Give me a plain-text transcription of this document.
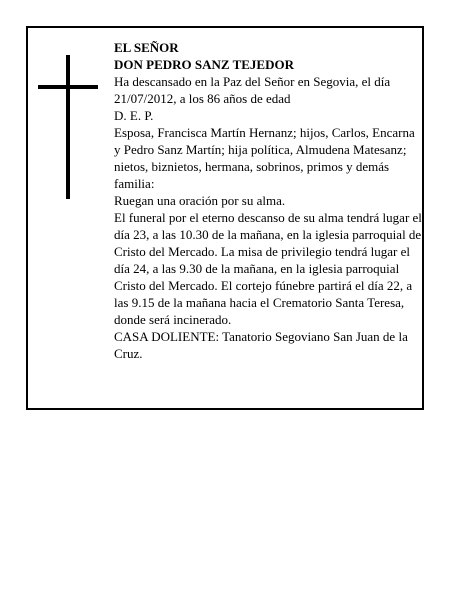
EL SEÑOR

DON PEDRO SANZ TEJEDOR

Ha descansado en la Paz del Señor en Segovia, el día 21/07/2012, a los 86 años de edad

D. E. P.

Esposa, Francisca Martín Hernanz; hijos, Carlos, Encarna y Pedro Sanz Martín; hija política, Almudena Matesanz; nietos, biznietos, hermana, sobrinos, primos y demás familia:

Ruegan una oración por su alma.

El funeral por el eterno descanso de su alma tendrá lugar el día 23, a las 10.30 de la mañana, en la iglesia parroquial de Cristo del Mercado. La misa de privilegio tendrá lugar el día 24, a las 9.30 de la mañana, en la iglesia parroquial Cristo del Mercado. El cortejo fúnebre partirá el día 22, a las 9.15 de la mañana hacia el Crematorio Santa Teresa, donde será incinerado.

CASA DOLIENTE: Tanatorio Segoviano San Juan de la Cruz.
